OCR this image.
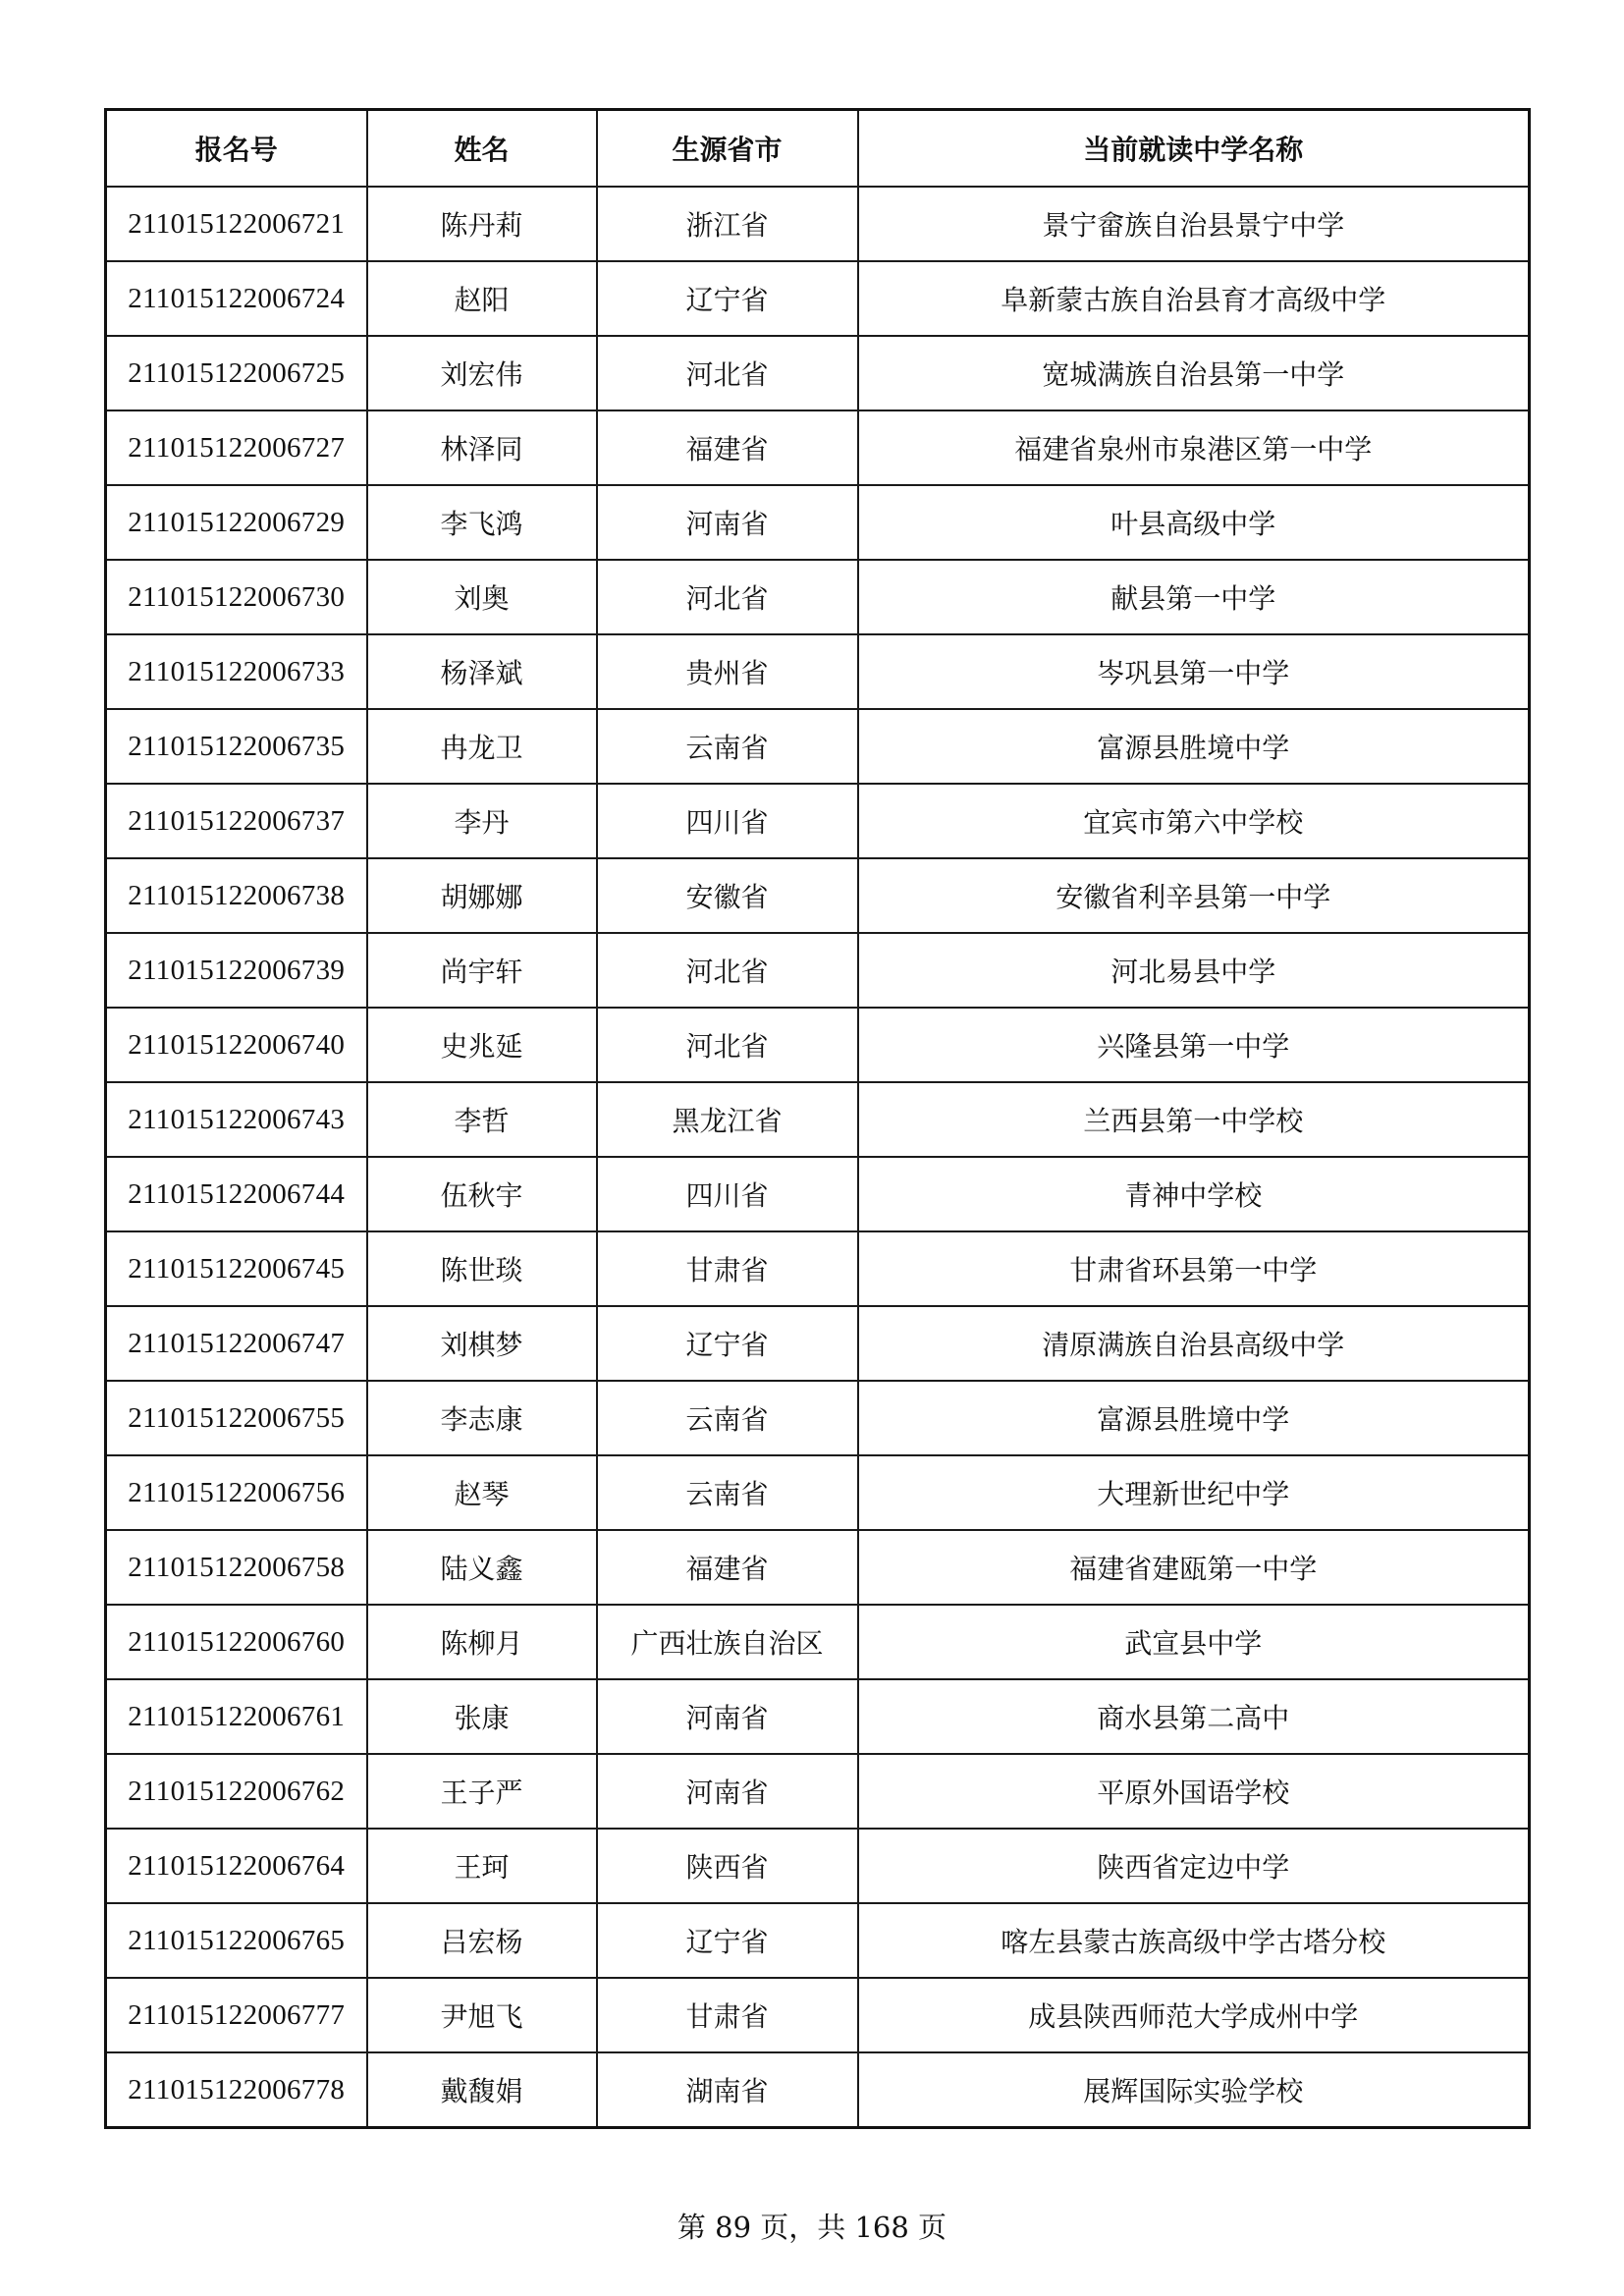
报名号	姓名	生源省市	当前就读中学名称
211015122006721	陈丹莉	浙江省	景宁畲族自治县景宁中学
211015122006724	赵阳	辽宁省	阜新蒙古族自治县育才高级中学
211015122006725	刘宏伟	河北省	宽城满族自治县第一中学
211015122006727	林泽同	福建省	福建省泉州市泉港区第一中学
211015122006729	李飞鸿	河南省	叶县高级中学
211015122006730	刘奥	河北省	献县第一中学
211015122006733	杨泽斌	贵州省	岑巩县第一中学
211015122006735	冉龙卫	云南省	富源县胜境中学
211015122006737	李丹	四川省	宜宾市第六中学校
211015122006738	胡娜娜	安徽省	安徽省利辛县第一中学
211015122006739	尚宇轩	河北省	河北易县中学
211015122006740	史兆延	河北省	兴隆县第一中学
211015122006743	李哲	黑龙江省	兰西县第一中学校
211015122006744	伍秋宇	四川省	青神中学校
211015122006745	陈世琰	甘肃省	甘肃省环县第一中学
211015122006747	刘棋梦	辽宁省	清原满族自治县高级中学
211015122006755	李志康	云南省	富源县胜境中学
211015122006756	赵琴	云南省	大理新世纪中学
211015122006758	陆义鑫	福建省	福建省建瓯第一中学
211015122006760	陈柳月	广西壮族自治区	武宣县中学
211015122006761	张康	河南省	商水县第二高中
211015122006762	王子严	河南省	平原外国语学校
211015122006764	王珂	陕西省	陕西省定边中学
211015122006765	吕宏杨	辽宁省	喀左县蒙古族高级中学古塔分校
211015122006777	尹旭飞	甘肃省	成县陕西师范大学成州中学
211015122006778	戴馥娟	湖南省	展辉国际实验学校
第 89 页，共 168 页
